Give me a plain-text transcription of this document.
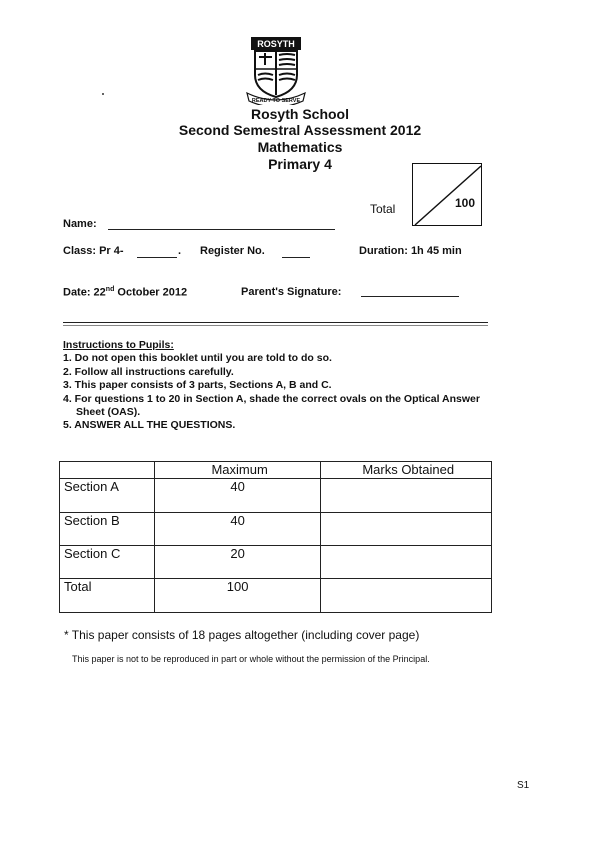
ROSYTH
READY TO SERVE
Rosyth School
Second Semestral Assessment 2012
Mathematics
Primary 4
Total	100
Name:
Class: Pr 4-	. Register No.	Duration: 1h 45 min
Date: 22nd October 2012	Parent's Signature:
Instructions to Pupils:
1. Do not open this booklet until you are told to do so.
2. Follow all instructions carefully.
3. This paper consists of 3 parts, Sections A, B and C.
4. For questions 1 to 20 in Section A, shade the correct ovals on the Optical Answer Sheet (OAS).
5. ANSWER ALL THE QUESTIONS.
	Maximum	Marks Obtained
Section A	40	
Section B	40	
Section C	20	
Total	100	
* This paper consists of 18 pages altogether (including cover page)
This paper is not to be reproduced in part or whole without the permission of the Principal.
S1
